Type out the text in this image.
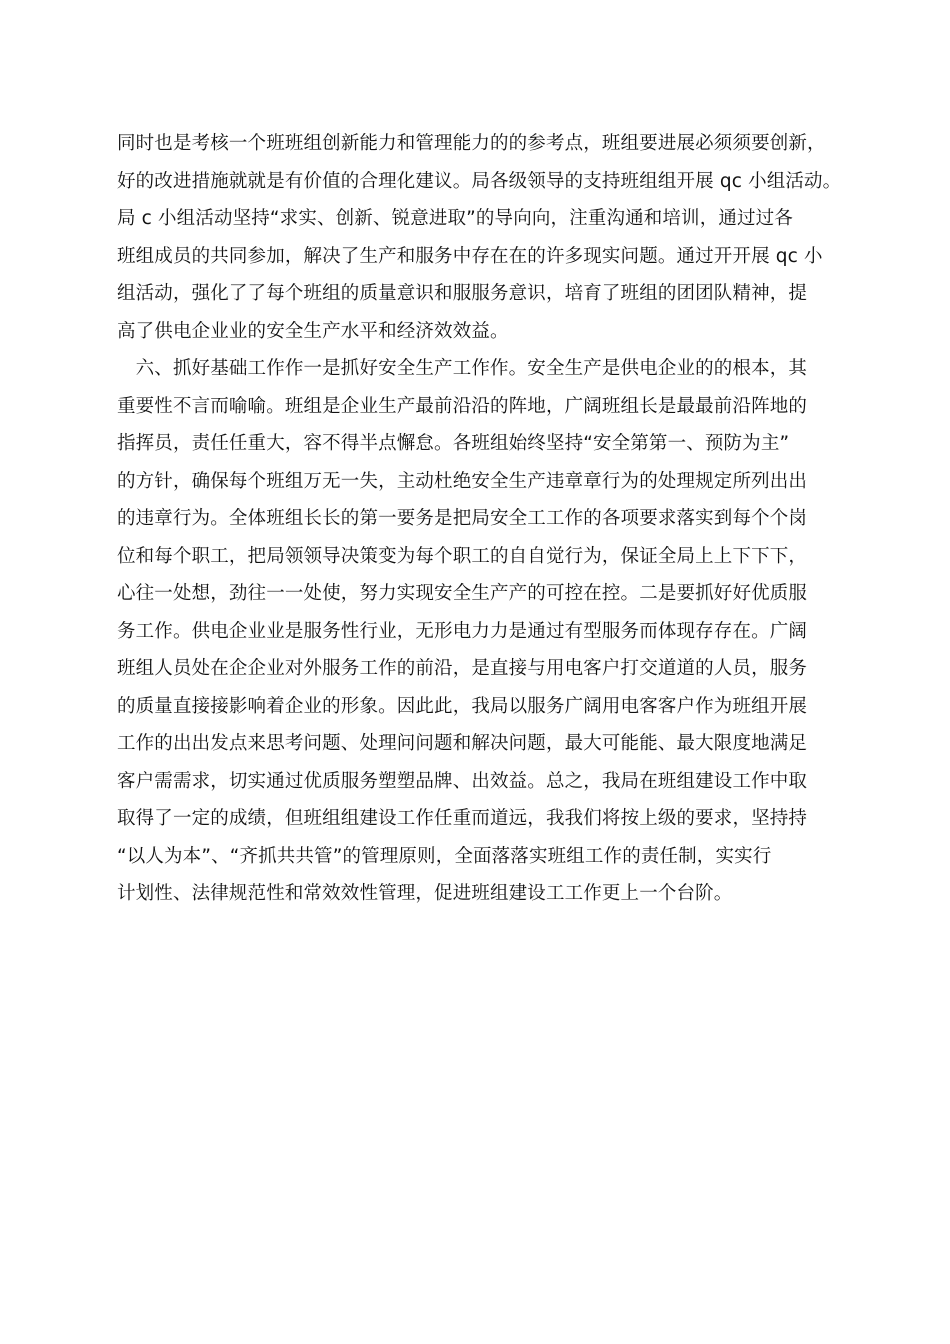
同时也是考核一个班班组创新能力和管理能力的的参考点，班组要进展必须须要创新，
好的改进措施就就是有价值的合理化建议。局各级领导的支持班组组开展 qc 小组活动。
局 c 小组活动坚持“求实、创新、锐意进取”的导向向，注重沟通和培训，通过过各
班组成员的共同参加，解决了生产和服务中存在在的许多现实问题。通过开开展 qc 小
组活动，强化了了每个班组的质量意识和服服务意识，培育了班组的团团队精神，提
高了供电企业业的安全生产水平和经济效效益。
　六、抓好基础工作作一是抓好安全生产工作作。安全生产是供电企业的的根本，其
重要性不言而喻喻。班组是企业生产最前沿沿的阵地，广阔班组长是最最前沿阵地的
指挥员，责任任重大，容不得半点懈怠。各班组始终坚持“安全第第一、预防为主”
的方针，确保每个班组万无一失，主动杜绝安全生产违章章行为的处理规定所列出出
的违章行为。全体班组长长的第一要务是把局安全工工作的各项要求落实到每个个岗
位和每个职工，把局领领导决策变为每个职工的自自觉行为，保证全局上上下下下，
心往一处想，劲往一一处使，努力实现安全生产产的可控在控。二是要抓好好优质服
务工作。供电企业业是服务性行业，无形电力力是通过有型服务而体现存存在。广阔
班组人员处在企企业对外服务工作的前沿，是直接与用电客户打交道道的人员，服务
的质量直接接影响着企业的形象。因此此，我局以服务广阔用电客客户作为班组开展
工作的出出发点来思考问题、处理问问题和解决问题，最大可能能、最大限度地满足
客户需需求，切实通过优质服务塑塑品牌、出效益。总之，我局在班组建设工作中取
取得了一定的成绩，但班组组建设工作任重而道远，我我们将按上级的要求，坚持持
“以人为本”、“齐抓共共管”的管理原则，全面落落实班组工作的责任制，实实行
计划性、法律规范性和常效效性管理，促进班组建设工工作更上一个台阶。
